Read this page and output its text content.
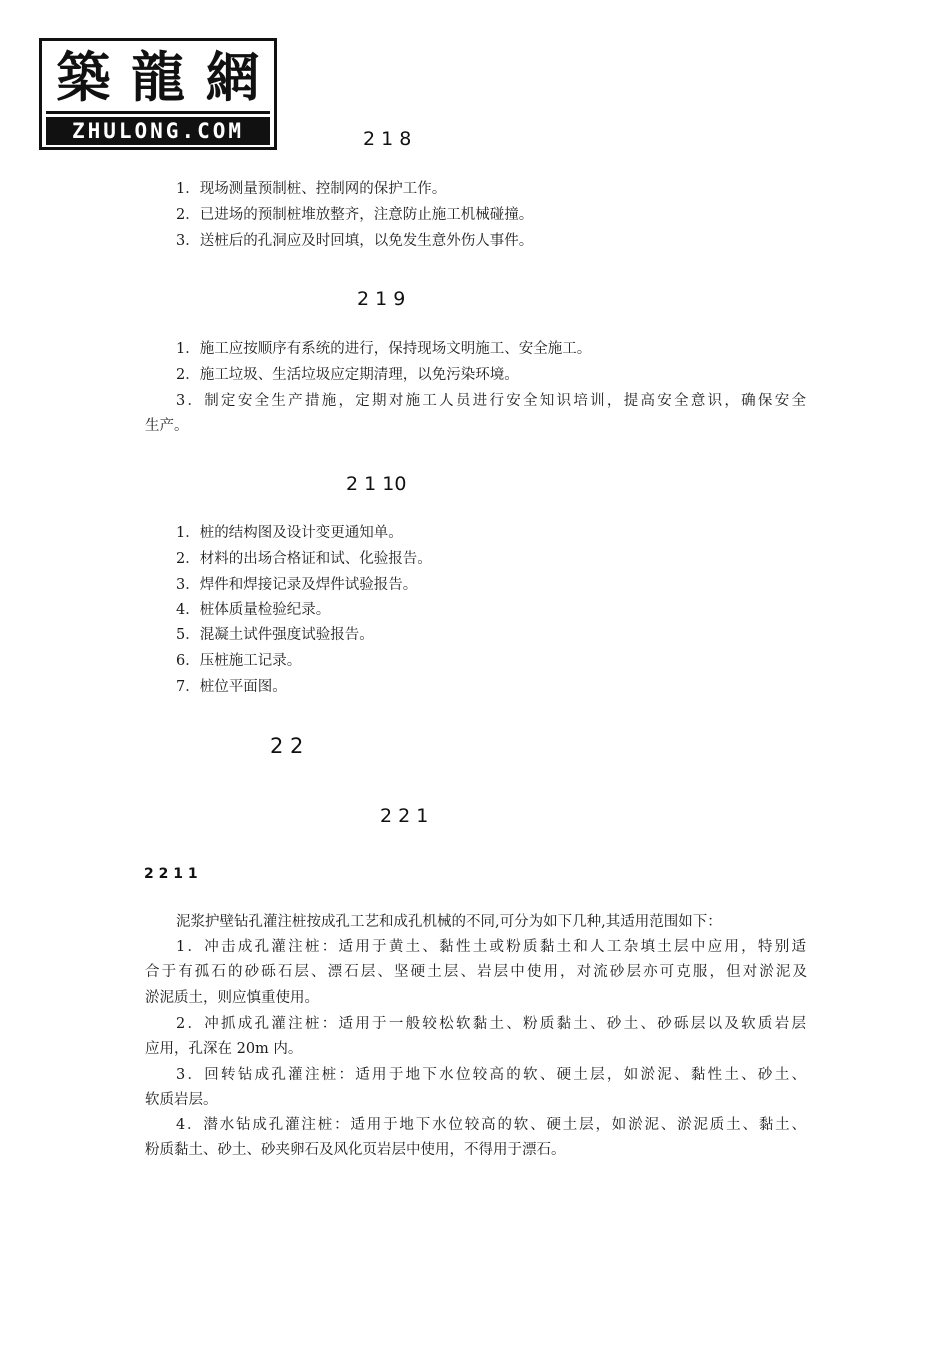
築 龍 網
ZHULONG.COM	2 1 8
1．现场测量预制桩、控制网的保护工作。
2．已进场的预制桩堆放整齐，注意防止施工机械碰撞。
3．送桩后的孔洞应及时回填，以免发生意外伤人事件。
2 1 9
1．施工应按顺序有系统的进行，保持现场文明施工、安全施工。
2．施工垃圾、生活垃圾应定期清理，以免污染环境。
3．制定安全生产措施，定期对施工人员进行安全知识培训，提高安全意识，确保安全
生产。
2 1 10
1．桩的结构图及设计变更通知单。
2．材料的出场合格证和试、化验报告。
3．焊件和焊接记录及焊件试验报告。
4．桩体质量检验纪录。
5．混凝土试件强度试验报告。
6．压桩施工记录。
7．桩位平面图。
2 2
2 2 1
2 2 1 1
泥浆护壁钻孔灌注桩按成孔工艺和成孔机械的不同,可分为如下几种,其适用范围如下：
1．冲击成孔灌注桩：适用于黄土、黏性土或粉质黏土和人工杂填土层中应用，特别适
合于有孤石的砂砾石层、漂石层、坚硬土层、岩层中使用，对流砂层亦可克服，但对淤泥及
淤泥质土，则应慎重使用。
2．冲抓成孔灌注桩：适用于一般较松软黏土、粉质黏土、砂土、砂砾层以及软质岩层
应用，孔深在 20m 内。
3．回转钻成孔灌注桩：适用于地下水位较高的软、硬土层，如淤泥、黏性土、砂土、
软质岩层。
4．潜水钻成孔灌注桩：适用于地下水位较高的软、硬土层，如淤泥、淤泥质土、黏土、
粉质黏土、砂土、砂夹卵石及风化页岩层中使用，不得用于漂石。
